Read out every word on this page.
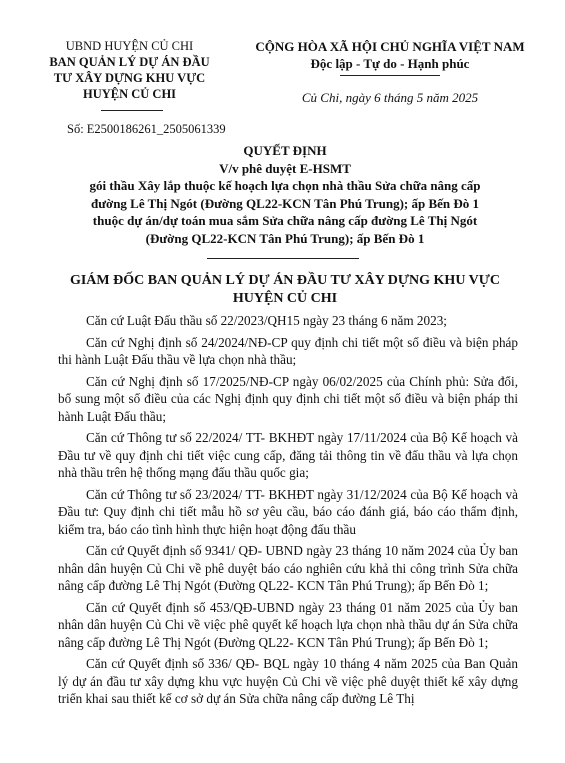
UBND HUYỆN CỦ CHI
BAN QUẢN LÝ DỰ ÁN ĐẦU
TƯ XÂY DỰNG KHU VỰC
HUYỆN CỦ CHI
CỘNG HÒA XÃ HỘI CHỦ NGHĨA VIỆT NAM
Độc lập - Tự do - Hạnh phúc
Củ Chi, ngày 6 tháng 5 năm 2025
Số: E2500186261_2505061339
QUYẾT ĐỊNH
V/v phê duyệt E-HSMT
gói thầu Xây lắp thuộc kế hoạch lựa chọn nhà thầu Sửa chữa nâng cấp
đường Lê Thị Ngót (Đường QL22-KCN Tân Phú Trung); ấp Bến Đò 1
thuộc dự án/dự toán mua sắm Sửa chữa nâng cấp đường Lê Thị Ngót
(Đường QL22-KCN Tân Phú Trung); ấp Bến Đò 1
GIÁM ĐỐC BAN QUẢN LÝ DỰ ÁN ĐẦU TƯ XÂY DỰNG KHU VỰC
HUYỆN CỦ CHI

Căn cứ Luật Đấu thầu số 22/2023/QH15 ngày 23 tháng 6 năm 2023;

Căn cứ Nghị định số 24/2024/NĐ-CP quy định chi tiết một số điều và biện pháp thi hành Luật Đấu thầu về lựa chọn nhà thầu;

Căn cứ Nghị định số 17/2025/NĐ-CP ngày 06/02/2025 của Chính phủ: Sửa đổi, bổ sung một số điều của các Nghị định quy định chi tiết một số điều và biện pháp thi hành Luật Đấu thầu;

Căn cứ Thông tư số 22/2024/ TT- BKHĐT ngày 17/11/2024 của Bộ Kế hoạch và Đầu tư về quy định chi tiết việc cung cấp, đăng tải thông tin về đấu thầu và lựa chọn nhà thầu trên hệ thống mạng đấu thầu quốc gia;

Căn cứ Thông tư số 23/2024/ TT- BKHĐT ngày 31/12/2024 của Bộ Kế hoạch và Đầu tư: Quy định chi tiết mẫu hồ sơ yêu cầu, báo cáo đánh giá, báo cáo thẩm định, kiểm tra, báo cáo tình hình thực hiện hoạt động đấu thầu

Căn cứ Quyết định số 9341/ QĐ- UBND ngày 23 tháng 10 năm 2024 của Ủy ban nhân dân huyện Củ Chi về phê duyệt báo cáo nghiên cứu khả thi công trình Sửa chữa nâng cấp đường Lê Thị Ngót (Đường QL22- KCN Tân Phú Trung); ấp Bến Đò 1;

Căn cứ Quyết định số 453/QĐ-UBND ngày 23 tháng 01 năm 2025 của Ủy ban nhân dân huyện Củ Chi về việc phê quyết kế hoạch lựa chọn nhà thầu dự án Sửa chữa nâng cấp đường Lê Thị Ngót (Đường QL22- KCN Tân Phú Trung); ấp Bến Đò 1;

Căn cứ Quyết định số 336/ QĐ- BQL ngày 10 tháng 4 năm 2025 của Ban Quản lý dự án đầu tư xây dựng khu vực huyện Củ Chi về việc phê duyệt thiết kế xây dựng triển khai sau thiết kế cơ sở dự án Sửa chữa nâng cấp đường Lê Thị
